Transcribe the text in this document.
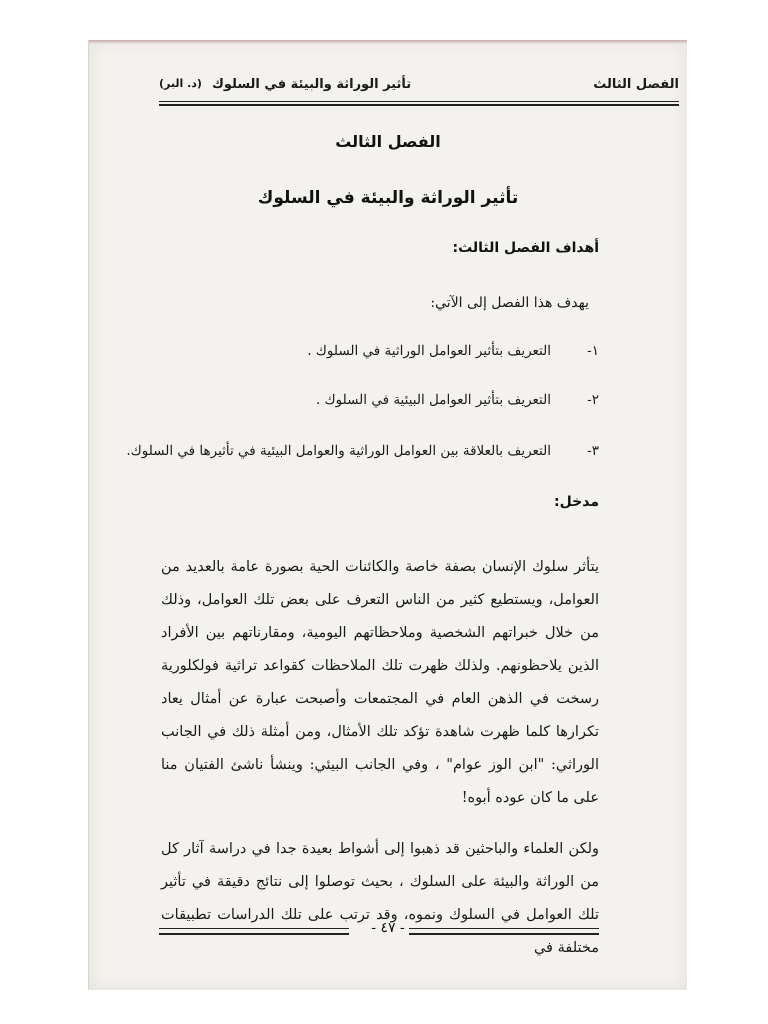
الفصل الثالث
تأثير الوراثة والبيئة في السلوك
(د. البر)
الفصل الثالث
تأثير الوراثة والبيئة في السلوك
أهداف الفصل الثالث:
يهدف هذا الفصل إلى الآتي:
١-
التعريف بتأثير العوامل الوراثية في السلوك .
٢-
التعريف بتأثير العوامل البيئية في السلوك .
٣-
التعريف بالعلاقة بين العوامل الوراثية والعوامل البيئية في تأثيرها في السلوك.
مدخل:

يتأثر سلوك الإنسان بصفة خاصة والكائنات الحية بصورة عامة بالعديد من العوامل، ويستطيع كثير من الناس التعرف على بعض تلك العوامل، وذلك من خلال خبراتهم الشخصية وملاحظاتهم اليومية، ومقارناتهم بين الأفراد الذين يلاحظونهم. ولذلك ظهرت تلك الملاحظات كقواعد تراثية فولكلورية رسخت في الذهن العام في المجتمعات وأصبحت عبارة عن أمثال يعاد تكرارها كلما ظهرت شاهدة تؤكد تلك الأمثال، ومن أمثلة ذلك في الجانب الوراثي: "ابن الوز عوام" ، وفي الجانب البيئي: وينشأ ناشئ الفتيان منا على ما كان عوده أبوه!

ولكن العلماء والباحثين قد ذهبوا إلى أشواط بعيدة جدا في دراسة آثار كل من الوراثة والبيئة على السلوك ، بحيث توصلوا إلى نتائج دقيقة في تأثير تلك العوامل في السلوك ونموه، وقد ترتب على تلك الدراسات تطبيقات مختلفة في

- ٤٧ -
